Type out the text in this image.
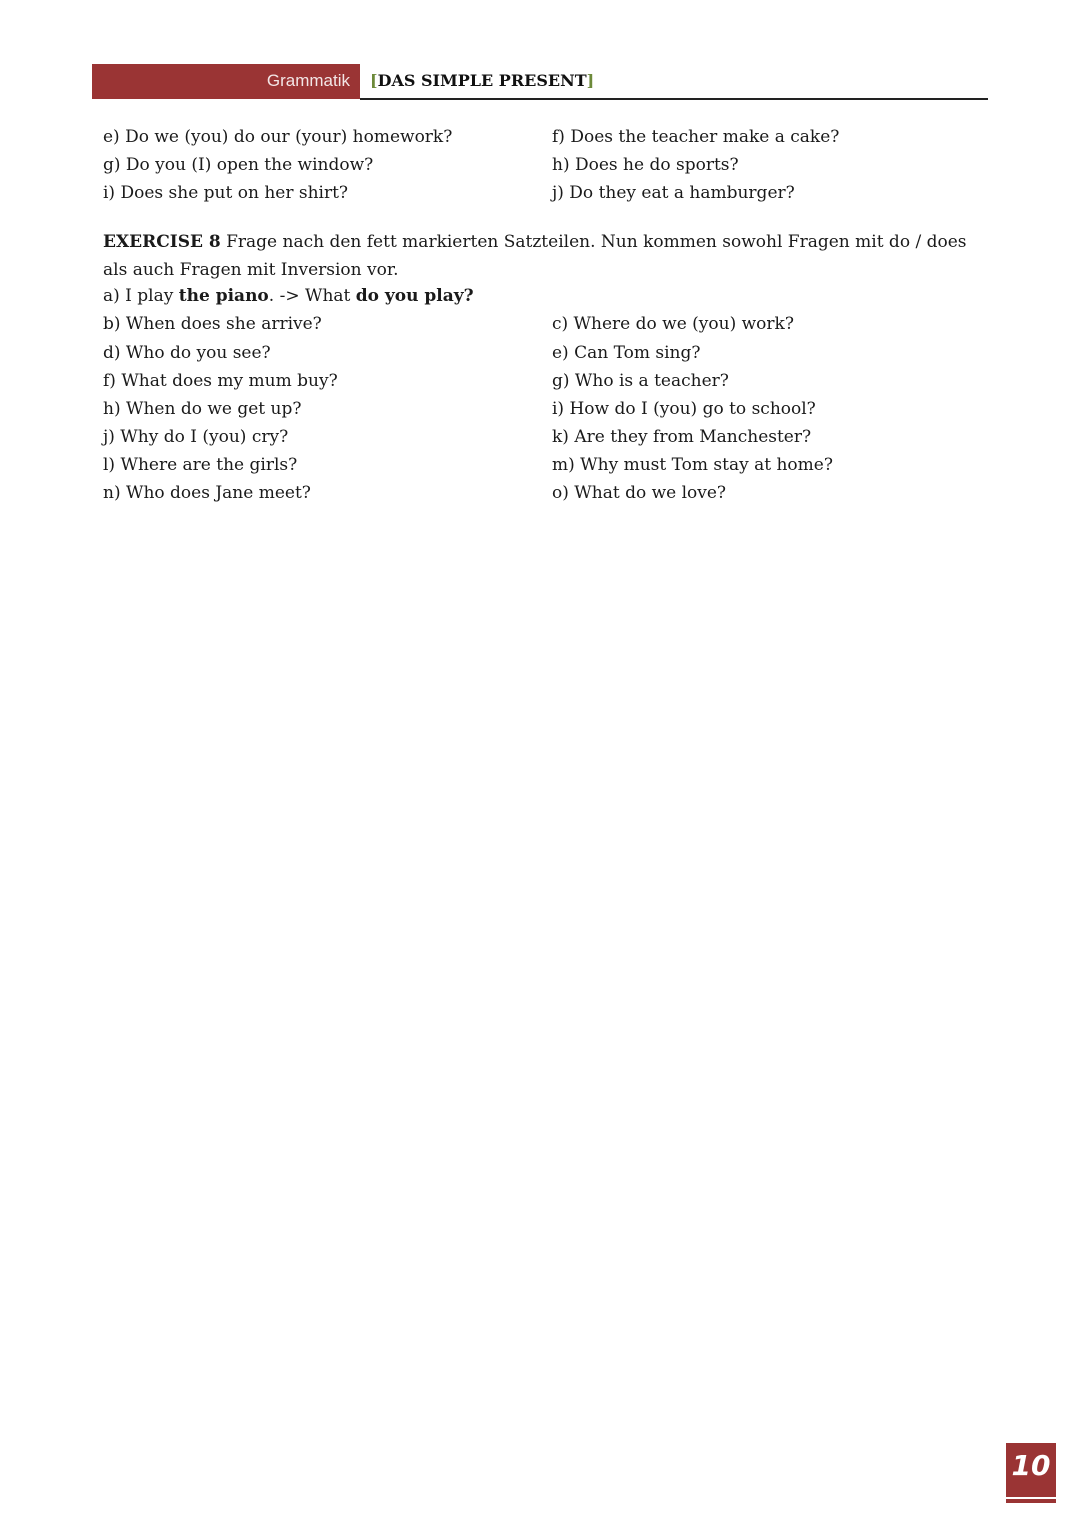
Grammatik [DAS SIMPLE PRESENT]
e) Do we (you) do our (your) homework?
g) Do you (I) open the window?
i) Does she put on her shirt?
f) Does the teacher make a cake?
h) Does he do sports?
j) Do they eat a hamburger?
EXERCISE 8 Frage nach den fett markierten Satzteilen. Nun kommen sowohl Fragen mit do / does als auch Fragen mit Inversion vor.
a) I play the piano. -> What do you play?
b) When does she arrive?
d) Who do you see?
f) What does my mum buy?
h) When do we get up?
j) Why do I (you) cry?
l) Where are the girls?
n) Who does Jane meet?
c) Where do we (you) work?
e) Can Tom sing?
g) Who is a teacher?
i) How do I (you) go to school?
k) Are they from Manchester?
m) Why must Tom stay at home?
o) What do we love?
10
